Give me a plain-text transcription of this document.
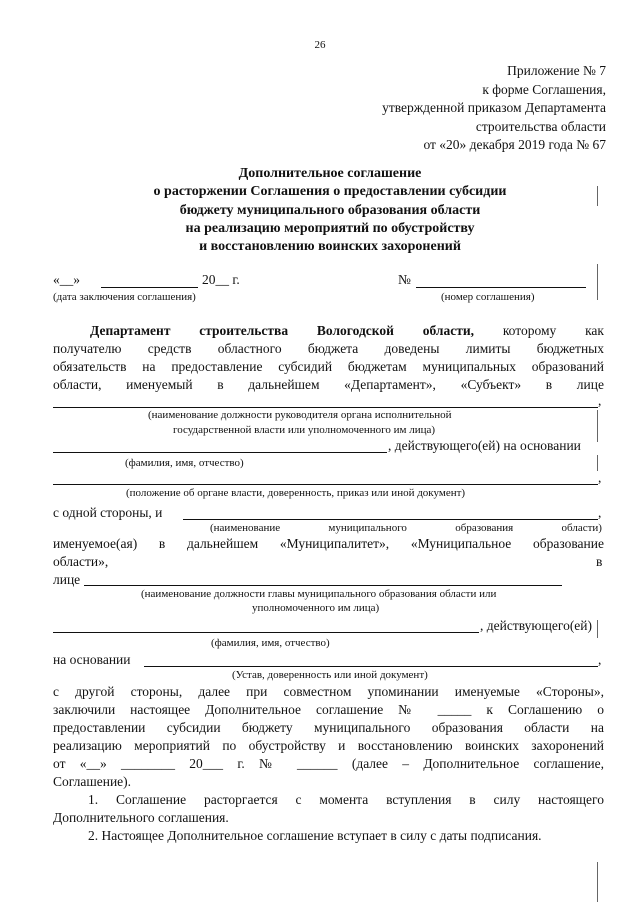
26
Приложение № 7
к форме Соглашения,
утвержденной приказом Департамента
строительства области
от «20» декабря 2019 года № 67
Дополнительное соглашение
о расторжении Соглашения о предоставлении субсидии
бюджету муниципального образования области
на реализацию мероприятий по обустройству
и восстановлению воинских захоронений
«__»	20__ г.	№
(дата заключения соглашения)	(номер соглашения)
Департамент строительства Вологодской области, которому как
получателю средств областного бюджета доведены лимиты бюджетных
обязательств на предоставление субсидий бюджетам муниципальных образований
области, именуемый в дальнейшем «Департамент», «Субъект» в лице
,
(наименование должности руководителя органа исполнительной
государственной власти или уполномоченного им лица)
, действующего(ей) на основании
(фамилия, имя, отчество)
,
(положение об органе власти, доверенность, приказ или иной документ)
с одной стороны, и	,
(наименование	муниципального	образования	области)
именуемое(ая) в дальнейшем «Муниципалитет», «Муниципальное образование
области»,	в
лице
(наименование должности главы муниципального образования области или
уполномоченного им лица)
, действующего(ей)
(фамилия, имя, отчество)
на основании	,
(Устав, доверенность или иной документ)
с другой стороны, далее при совместном упоминании именуемые «Стороны»,
заключили настоящее Дополнительное соглашение № _____ к Соглашению о
предоставлении субсидии бюджету муниципального образования области на
реализацию мероприятий по обустройству и восстановлению воинских захоронений
от «__» ________ 20___ г. № ______ (далее – Дополнительное соглашение,
Соглашение).
1. Соглашение расторгается с момента вступления в силу настоящего
Дополнительного соглашения.
2. Настоящее Дополнительное соглашение вступает в силу с даты подписания.
